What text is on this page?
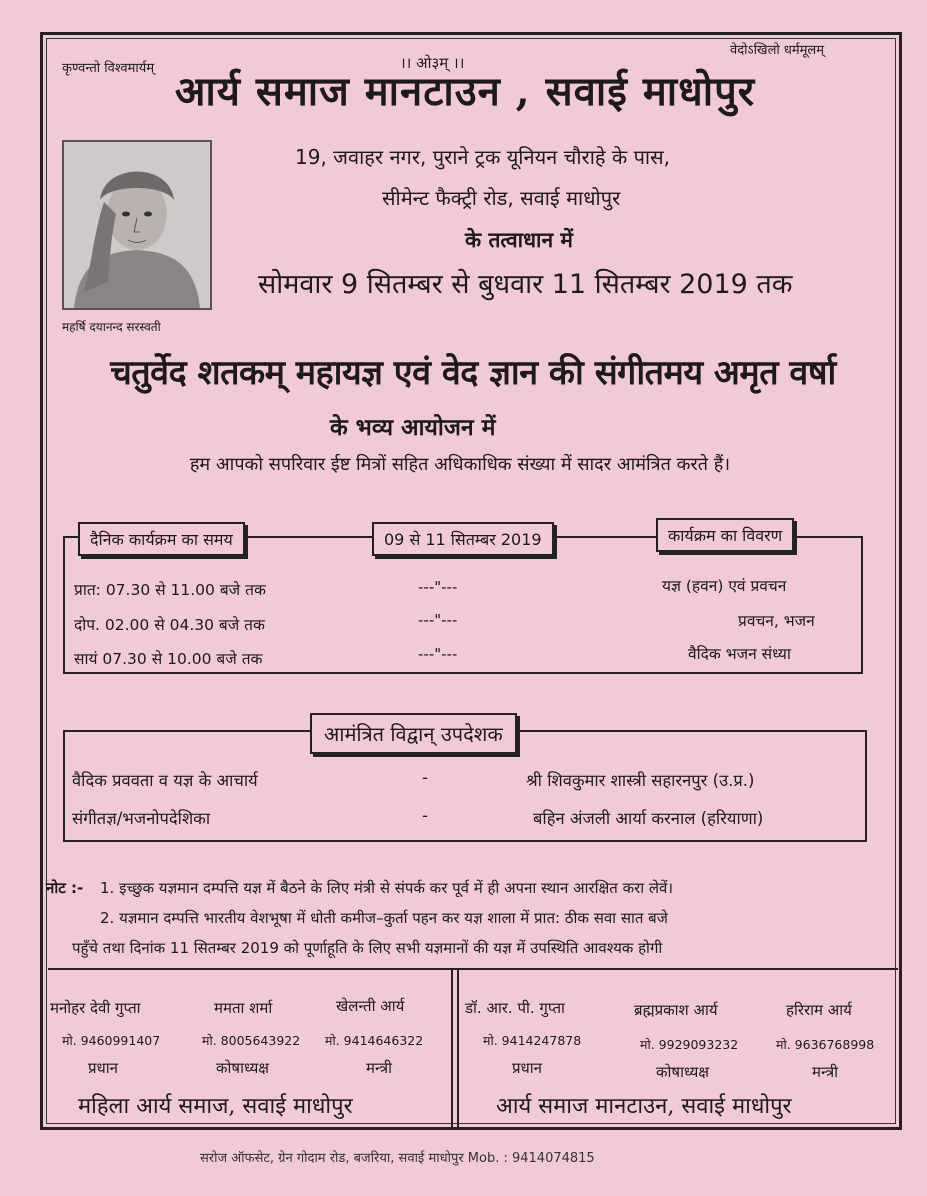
कृण्वन्तो विश्वमार्यम्	।। ओ३म् ।।
वेदोऽखिलो धर्ममूलम्
आर्य समाज मानटाउन , सवाई माधोपुर
महर्षि दयानन्द सरस्वती
19, जवाहर नगर, पुराने ट्रक यूनियन चौराहे के पास,
सीमेन्ट फैक्ट्री रोड, सवाई माधोपुर
के तत्वाधान में
सोमवार 9 सितम्बर से बुधवार 11 सितम्बर 2019 तक
चतुर्वेद शतकम् महायज्ञ एवं वेद ज्ञान की संगीतमय अमृत वर्षा
के भव्य आयोजन में
हम आपको सपरिवार ईष्ट मित्रों सहित अधिकाधिक संख्या में सादर आमंत्रित करते हैं।
दैनिक कार्यक्रम का समय	09 से 11 सितम्बर 2019	कार्यक्रम का विवरण
प्रात: 07.30 से 11.00 बजे तक	---"---	यज्ञ (हवन) एवं प्रवचन
दोप. 02.00 से 04.30 बजे तक	---"---	प्रवचन, भजन
सायं 07.30 से 10.00 बजे तक	---"---	वैदिक भजन संध्या
आमंत्रित विद्वान् उपदेशक
वैदिक प्रववता व यज्ञ के आचार्य	-	श्री शिवकुमार शास्त्री सहारनपुर (उ.प्र.)
संगीतज्ञ/भजनोपदेशिका	-	बहिन अंजली आर्या करनाल (हरियाणा)
नोट :- 1. इच्छुक यज्ञमान दम्पत्ति यज्ञ में बैठने के लिए मंत्री से संपर्क कर पूर्व में ही अपना स्थान आरक्षित करा लेवें।
2. यज्ञमान दम्पत्ति भारतीय वेशभूषा में धोती कमीज–कुर्ता पहन कर यज्ञ शाला में प्रात: ठीक सवा सात बजे
पहुँचे तथा दिनांक 11 सितम्बर 2019 को पूर्णाहूति के लिए सभी यज्ञमानों की यज्ञ में उपस्थिति आवश्यक होगी
मनोहर देवी गुप्ता	ममता शर्मा	खेलन्ती आर्य
मो. 9460991407	मो. 8005643922 मो. 9414646322
प्रधान	कोषाध्यक्ष	मन्त्री
महिला आर्य समाज, सवाई माधोपुर
डॉ. आर. पी. गुप्ता	ब्रह्मप्रकाश आर्य	हरिराम आर्य
मो. 9414247878	मो. 9929093232	मो. 9636768998
प्रधान	कोषाध्यक्ष	मन्त्री
आर्य समाज मानटाउन, सवाई माधोपुर
सरोज ऑफसेट, ग्रेन गोदाम रोड, बजरिया, सवाई माधोपुर Mob. : 9414074815
